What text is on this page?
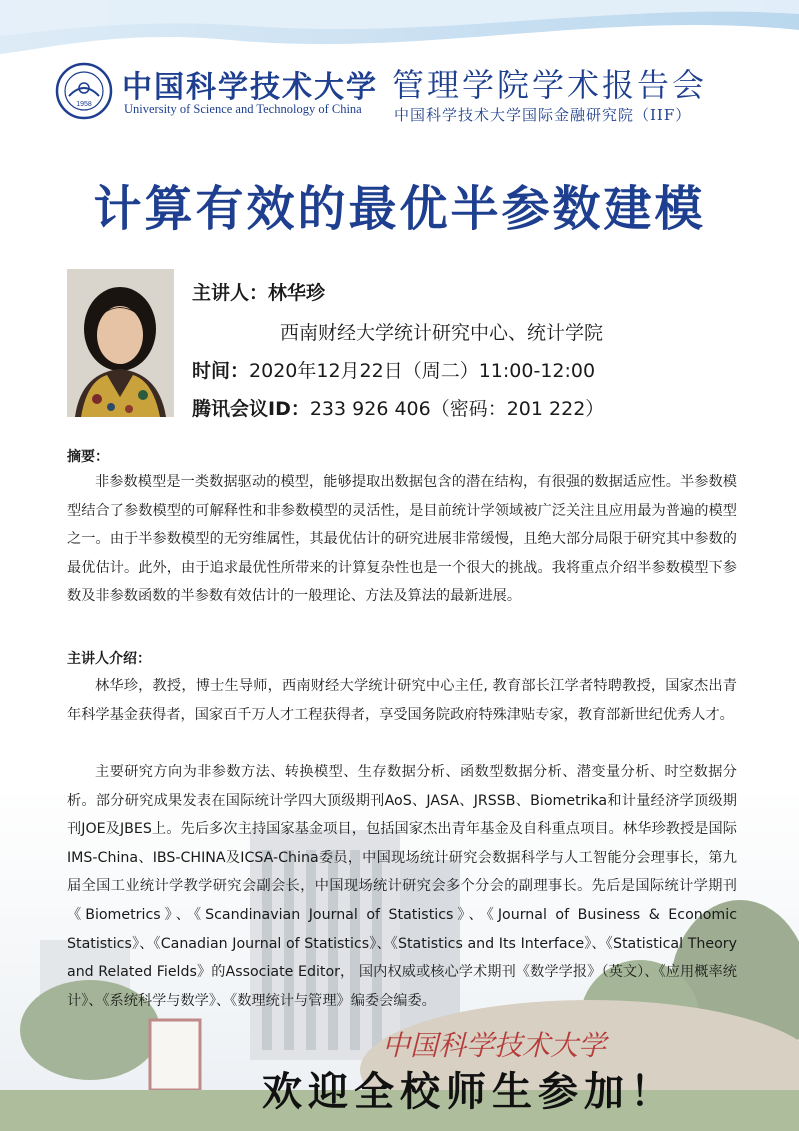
1958 中国科学技术大学
University of Science and Technology of China
管理学院学术报告会
中国科学技术大学国际金融研究院（IIF）
计算有效的最优半参数建模
主讲人：林华珍
西南财经大学统计研究中心、统计学院
时间：2020年12月22日（周二）11:00-12:00
腾讯会议ID：233 926 406（密码：201 222）
中国科学技术大学
欢迎全校师生参加！
摘要：

非参数模型是一类数据驱动的模型，能够提取出数据包含的潜在结构，有很强的数据适应性。半参数模型结合了参数模型的可解释性和非参数模型的灵活性，是目前统计学领域被广泛关注且应用最为普遍的模型之一。由于半参数模型的无穷维属性，其最优估计的研究进展非常缓慢，且绝大部分局限于研究其中参数的最优估计。此外，由于追求最优性所带来的计算复杂性也是一个很大的挑战。我将重点介绍半参数模型下参数及非参数函数的半参数有效估计的一般理论、方法及算法的最新进展。

主讲人介绍：

林华珍，教授，博士生导师，西南财经大学统计研究中心主任, 教育部长江学者特聘教授，国家杰出青年科学基金获得者，国家百千万人才工程获得者，享受国务院政府特殊津贴专家，教育部新世纪优秀人才。

主要研究方向为非参数方法、转换模型、生存数据分析、函数型数据分析、潜变量分析、时空数据分析。部分研究成果发表在国际统计学四大顶级期刊AoS、JASA、JRSSB、Biometrika和计量经济学顶级期刊JOE及JBES上。先后多次主持国家基金项目，包括国家杰出青年基金及自科重点项目。林华珍教授是国际IMS-China、IBS-CHINA及ICSA-China委员，中国现场统计研究会数据科学与人工智能分会理事长，第九届全国工业统计学教学研究会副会长，中国现场统计研究会多个分会的副理事长。先后是国际统计学期刊《Biometrics》、《Scandinavian Journal of Statistics》、《Journal of Business & Economic Statistics》、《Canadian Journal of Statistics》、《Statistics and Its Interface》、《Statistical Theory and Related Fields》的Associate Editor， 国内权威或核心学术期刊《数学学报》（英文）、《应用概率统计》、《系统科学与数学》、《数理统计与管理》编委会编委。
